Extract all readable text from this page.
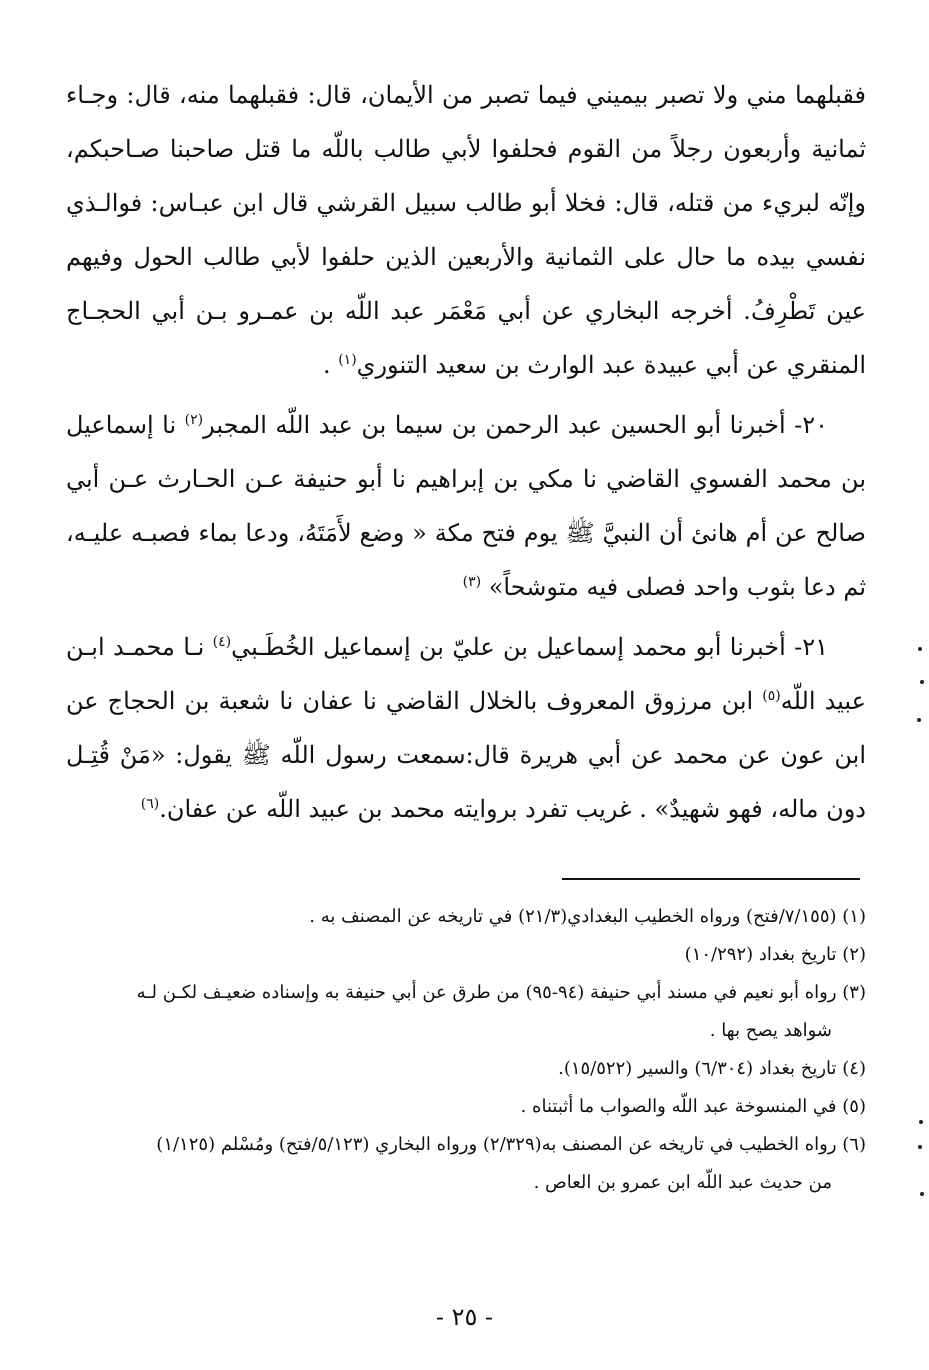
فقبلهما مني ولا تصبر بيميني فيما تصبر من الأيمان، قال: فقبلهما منه، قال: وجـاء ثمانية وأربعون رجلاً من القوم فحلفوا لأبي طالب باللّه ما قتل صاحبنا صـاحبكم، وإنّه لبريء من قتله، قال: فخلا أبو طالب سبيل القرشي قال ابن عبـاس: فوالـذي نفسي بيده ما حال على الثمانية والأربعين الذين حلفوا لأبي طالب الحول وفيهم عين تَطْرِفُ. أخرجه البخاري عن أبي مَعْمَر عبد اللّه بن عمـرو بـن أبي الحجـاج المنقري عن أبي عبيدة عبد الوارث بن سعيد التنوري$^{(١)}$ .

٢٠- أخبرنا أبو الحسين عبد الرحمن بن سيما بن عبد اللّه المجبر$^{(٢)}$ نا إسماعيل بن محمد الفسوي القاضي نا مكي بن إبراهيم نا أبو حنيفة عـن الحـارث عـن أبي صالح عن أم هانئ أن النبيَّ ﷺ يوم فتح مكة « وضع لأَمَتَهُ، ودعا بماء فصبـه عليـه، ثم دعا بثوب واحد فصلى فيه متوشحاً» $^{(٣)}$

٢١- أخبرنا أبو محمد إسماعيل بن عليّ بن إسماعيل الخُطَـبي$^{(٤)}$ نـا محمـد ابـن عبيد اللّه$^{(٥)}$ ابن مرزوق المعروف بالخلال القاضي نا عفان نا شعبة بن الحجاج عن ابن عون عن محمد عن أبي هريرة قال:سمعت رسول اللّه ﷺ يقول: «مَنْ قُتِـل دون ماله، فهو شهيدٌ» . غريب تفرد بروايته محمد بن عبيد اللّه عن عفان.$^{(٦)}$

(١) (٧/١٥٥/فتح) ورواه الخطيب البغدادي(٢١/٣) في تاريخه عن المصنف به .

(٢) تاريخ بغداد (١٠/٢٩٢)

(٣) رواه أبو نعيم في مسند أبي حنيفة (٩٤-٩٥) من طرق عن أبي حنيفة به وإسناده ضعيـف لكـن لـه

شواهد يصح بها .

(٤) تاريخ بغداد (٦/٣٠٤) والسير (١٥/٥٢٢).

(٥) في المنسوخة عبد اللّه والصواب ما أثبتناه .

(٦) رواه الخطيب في تاريخه عن المصنف به(٢/٣٢٩) ورواه البخاري (٥/١٢٣/فتح) ومُسْلم (١/١٢٥)

من حديث عبد اللّه ابن عمرو بن العاص .

- ٢٥ -
